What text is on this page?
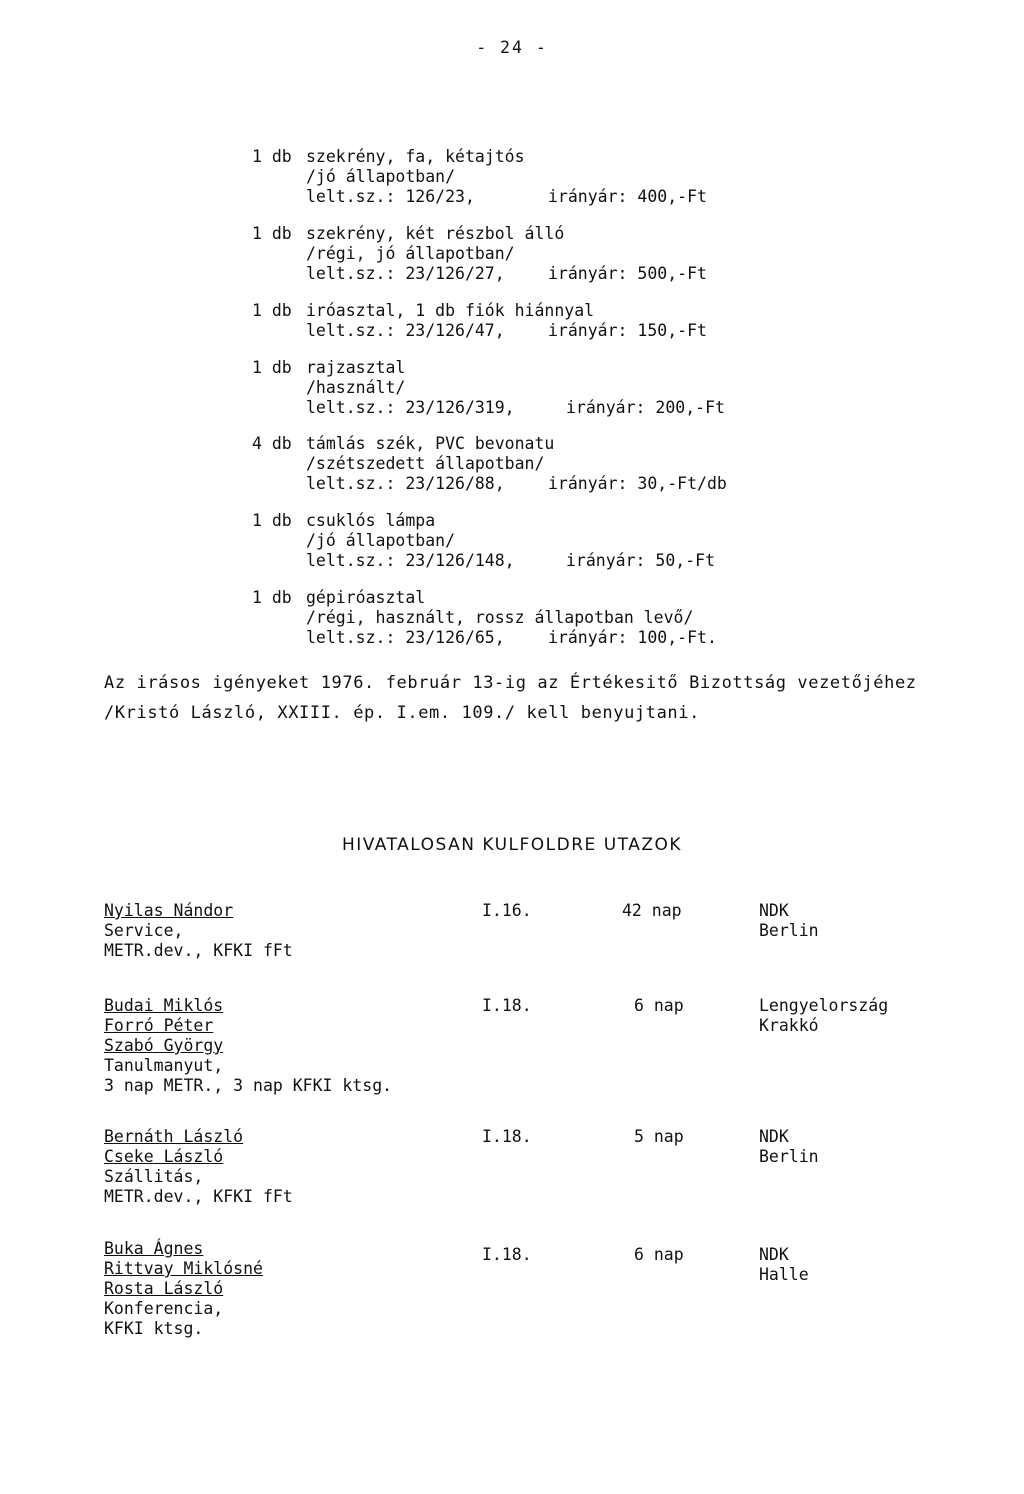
- 24 -
1 db szekrény, fa, kétajtós
/jó állapotban/
lelt.sz.: 126/23,	irányár: 400,-Ft
1 db szekrény, két részbol álló
/régi, jó állapotban/
lelt.sz.: 23/126/27,	irányár: 500,-Ft
1 db iróasztal, 1 db fiók hiánnyal
lelt.sz.: 23/126/47,	irányár: 150,-Ft
1 db rajzasztal
/használt/
lelt.sz.: 23/126/319,	irányár: 200,-Ft
4 db támlás szék, PVC bevonatu
/szétszedett állapotban/
lelt.sz.: 23/126/88,	irányár: 30,-Ft/db
1 db csuklós lámpa
/jó állapotban/
lelt.sz.: 23/126/148,	irányár: 50,-Ft
1 db gépiróasztal
/régi, használt, rossz állapotban levő/
lelt.sz.: 23/126/65,	irányár: 100,-Ft.
Az irásos igényeket 1976. február 13-ig az Értékesitő Bizottság vezetőjéhez
/Kristó László, XXIII. ép. I.em. 109./ kell benyujtani.
HIVATALOSAN KULFOLDRE UTAZOK
Nyilas Nándor
Service,
METR.dev., KFKI fFt
I.16.	42 nap	NDK
Berlin
Budai Miklós
Forró Péter
Szabó György
Tanulmanyut,
3 nap METR., 3 nap KFKI ktsg.
I.18.	6 nap	Lengyelország
Krakkó
Bernáth László
Cseke László
Szállitás,
METR.dev., KFKI fFt
I.18.	5 nap	NDK
Berlin
Buka Ágnes
Rittvay Miklósné
Rosta László
Konferencia,
KFKI ktsg.
I.18.	6 nap	NDK
Halle
